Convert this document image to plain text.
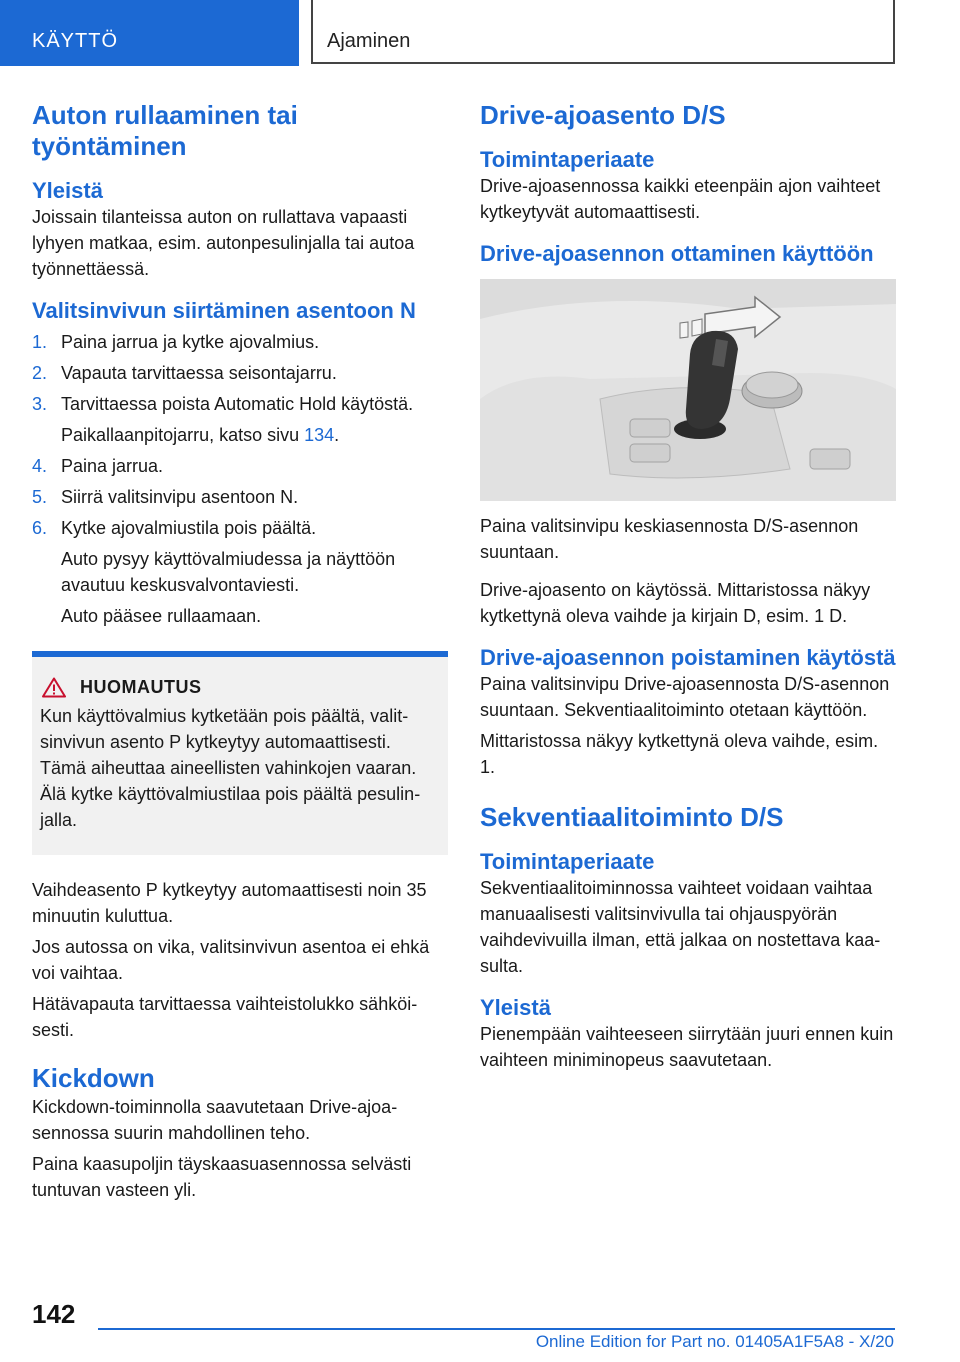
KÄYTTÖ	Ajaminen
Auton rullaaminen tai työntäminen
Yleistä

Joissain tilanteissa auton on rullattava vapaasti lyhyen matkaa, esim. autonpesulinjalla tai autoa työnnettäessä.

Valitsinvivun siirtäminen asentoon N
1. Paina jarrua ja kytke ajovalmius.
2. Vapauta tarvittaessa seisontajarru.
3. Tarvittaessa poista Automatic Hold käytöstä.
Paikallaanpitojarru, katso sivu 134.
4. Paina jarrua.
5. Siirrä valitsinvipu asentoon N.
6. Kytke ajovalmiustila pois päältä.
Auto pysyy käyttövalmiudessa ja näyttöön avautuu keskusvalvontaviesti.
Auto pääsee rullaamaan.
HUOMAUTUS

Kun käyttövalmius kytketään pois päältä, valitsinvivun asento P kytkeytyy automaattisesti. Tämä aiheuttaa aineellisten vahinkojen vaaran. Älä kytke käyttövalmiustilaa pois päältä pesulinjalla.

Vaihdeasento P kytkeytyy automaattisesti noin 35 minuutin kuluttua.

Jos autossa on vika, valitsinvivun asentoa ei ehkä voi vaihtaa.

Hätävapauta tarvittaessa vaihteistolukko sähköisesti.

Kickdown

Kickdown-toiminnolla saavutetaan Drive-ajoasennossa suurin mahdollinen teho.

Paina kaasupoljin täyskaasuasennossa selvästi tuntuvan vasteen yli.

Drive-ajoasento D/S
Toimintaperiaate

Drive-ajoasennossa kaikki eteenpäin ajon vaihteet kytkeytyvät automaattisesti.

Drive-ajoasennon ottaminen käyttöön

Paina valitsinvipu keskiasennosta D/S-asennon suuntaan.

Drive-ajoasento on käytössä. Mittaristossa näkyy kytkettynä oleva vaihde ja kirjain D, esim. 1 D.

Drive-ajoasennon poistaminen käytöstä

Paina valitsinvipu Drive-ajoasennosta D/S-asennon suuntaan. Sekventiaalitoiminto otetaan käyttöön.

Mittaristossa näkyy kytkettynä oleva vaihde, esim. 1.

Sekventiaalitoiminto D/S
Toimintaperiaate

Sekventiaalitoiminnossa vaihteet voidaan vaihtaa manuaalisesti valitsinvivulla tai ohjauspyörän vaihdevivuilla ilman, että jalkaa on nostettava kaasulta.

Yleistä

Pienempään vaihteeseen siirrytään juuri ennen kuin vaihteen miniminopeus saavutetaan.

142
Online Edition for Part no. 01405A1F5A8 - X/20
